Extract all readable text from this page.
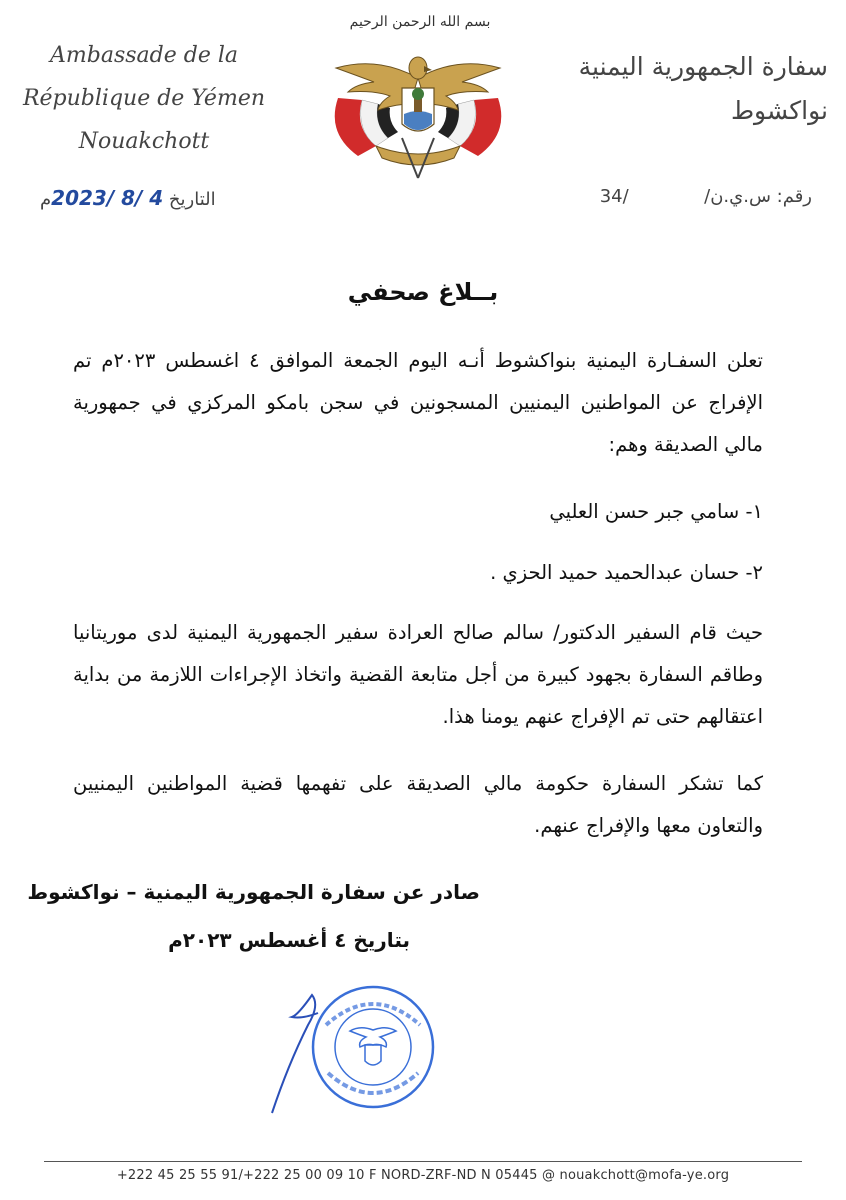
Ambassade de la
République de Yémen
Nouakchott
سفارة الجمهورية اليمنية
نواكشوط
بسم الله الرحمن الرحيم
رقم: س.ي.ن/  /34
التاريخ 2023/ 8/ 4م
بــلاغ صحفي
تعلن السفـارة اليمنية بنواكشوط أنـه اليوم الجمعة الموافق ٤ اغسطس ٢٠٢٣م تم الإفراج عن المواطنين اليمنيين المسجونين في سجن بامكو المركزي في جمهورية مالي الصديقة وهم:
١- سامي جبر حسن العليي
٢- حسان عبدالحميد حميد الحزي .
حيث قام السفير الدكتور/ سالم صالح العرادة سفير الجمهورية اليمنية لدى موريتانيا وطاقم السفارة بجهود كبيرة من أجل متابعة القضية واتخاذ الإجراءات اللازمة من بداية اعتقالهم حتى تم الإفراج عنهم يومنا هذا.
كما تشكر السفارة حكومة مالي الصديقة على تفهمها قضية المواطنين اليمنيين والتعاون معها والإفراج عنهم.
صادر عن سفارة الجمهورية اليمنية – نواكشوط
بتاريخ ٤ أغسطس ٢٠٢٣م
+222 45 25 55 91/+222 25 00 09 10 F NORD-ZRF-ND N 05445 @ nouakchott@mofa-ye.org
